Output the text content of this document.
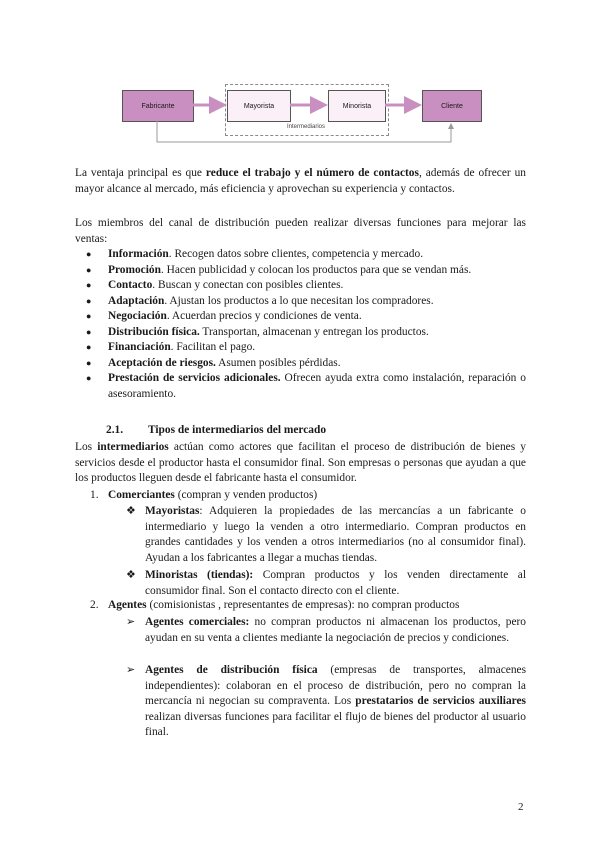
Fabricante	Mayorista	Minorista	Cliente
Intermediarios
La ventaja principal es que reduce el trabajo y el número de contactos, además de ofrecer un mayor alcance al mercado, más eficiencia y aprovechan su experiencia y contactos.
Los miembros del canal de distribución pueden realizar diversas funciones para mejorar las ventas:
● Información. Recogen datos sobre clientes, competencia y mercado.
● Promoción. Hacen publicidad y colocan los productos para que se vendan más.
● Contacto. Buscan y conectan con posibles clientes.
● Adaptación. Ajustan los productos a lo que necesitan los compradores.
● Negociación. Acuerdan precios y condiciones de venta.
● Distribución física. Transportan, almacenan y entregan los productos.
● Financiación. Facilitan el pago.
● Aceptación de riesgos. Asumen posibles pérdidas.
● Prestación de servicios adicionales. Ofrecen ayuda extra como instalación, reparación o asesoramiento.
2.1. Tipos de intermediarios del mercado
Los intermediarios actúan como actores que facilitan el proceso de distribución de bienes y servicios desde el productor hasta el consumidor final. Son empresas o personas que ayudan a que los productos lleguen desde el fabricante hasta el consumidor.
1. Comerciantes (compran y venden productos)
❖ Mayoristas: Adquieren la propiedades de las mercancías a un fabricante o intermediario y luego la venden a otro intermediario. Compran productos en grandes cantidades y los venden a otros intermediarios (no al consumidor final). Ayudan a los fabricantes a llegar a muchas tiendas.
❖ Minoristas (tiendas): Compran productos y los venden directamente al consumidor final. Son el contacto directo con el cliente.
2. Agentes (comisionistas , representantes de empresas): no compran productos
➢ Agentes comerciales: no compran productos ni almacenan los productos, pero ayudan en su venta a clientes mediante la negociación de precios y condiciones.
➢ Agentes de distribución física (empresas de transportes, almacenes independientes): colaboran en el proceso de distribución, pero no compran la mercancía ni negocian su compraventa. Los prestatarios de servicios auxiliares realizan diversas funciones para facilitar el flujo de bienes del productor al usuario final.
2
